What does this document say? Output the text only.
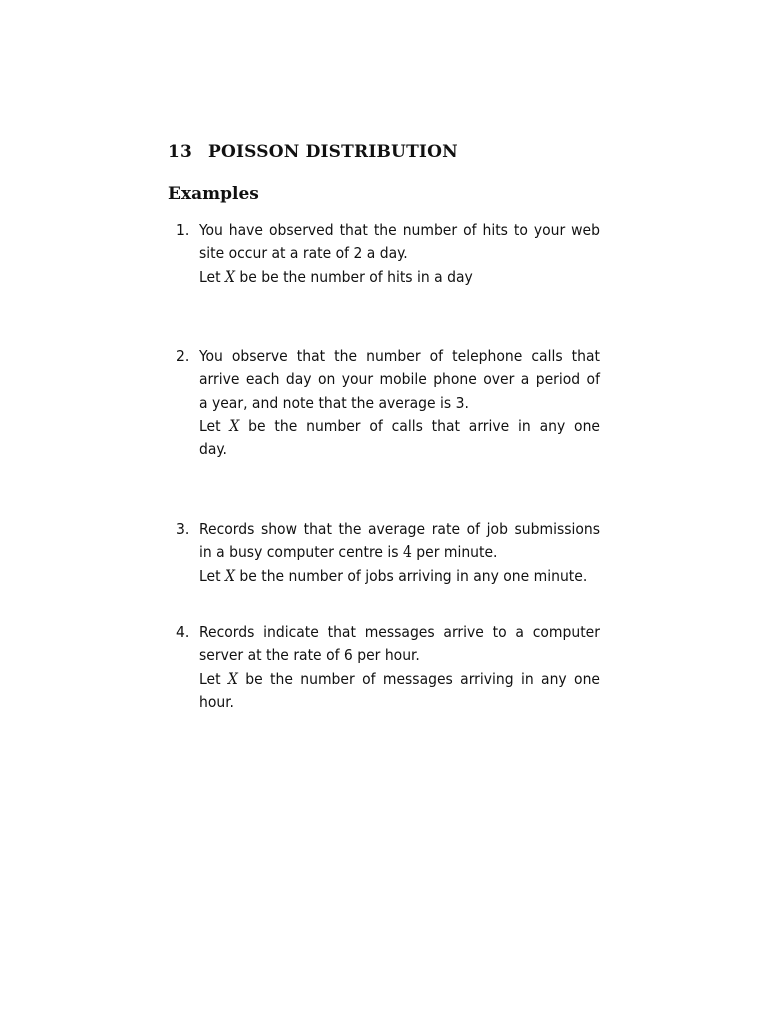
13 POISSON DISTRIBUTION
Examples
1. You have observed that the number of hits to your web
site occur at a rate of 2 a day.
Let X be be the number of hits in a day
2. You observe that the number of telephone calls that
arrive each day on your mobile phone over a period of
a year, and note that the average is 3.
Let X be the number of calls that arrive in any one
day.
3. Records show that the average rate of job submissions
in a busy computer centre is 4 per minute.
Let X be the number of jobs arriving in any one minute.
4. Records indicate that messages arrive to a computer
server at the rate of 6 per hour.
Let X be the number of messages arriving in any one
hour.
